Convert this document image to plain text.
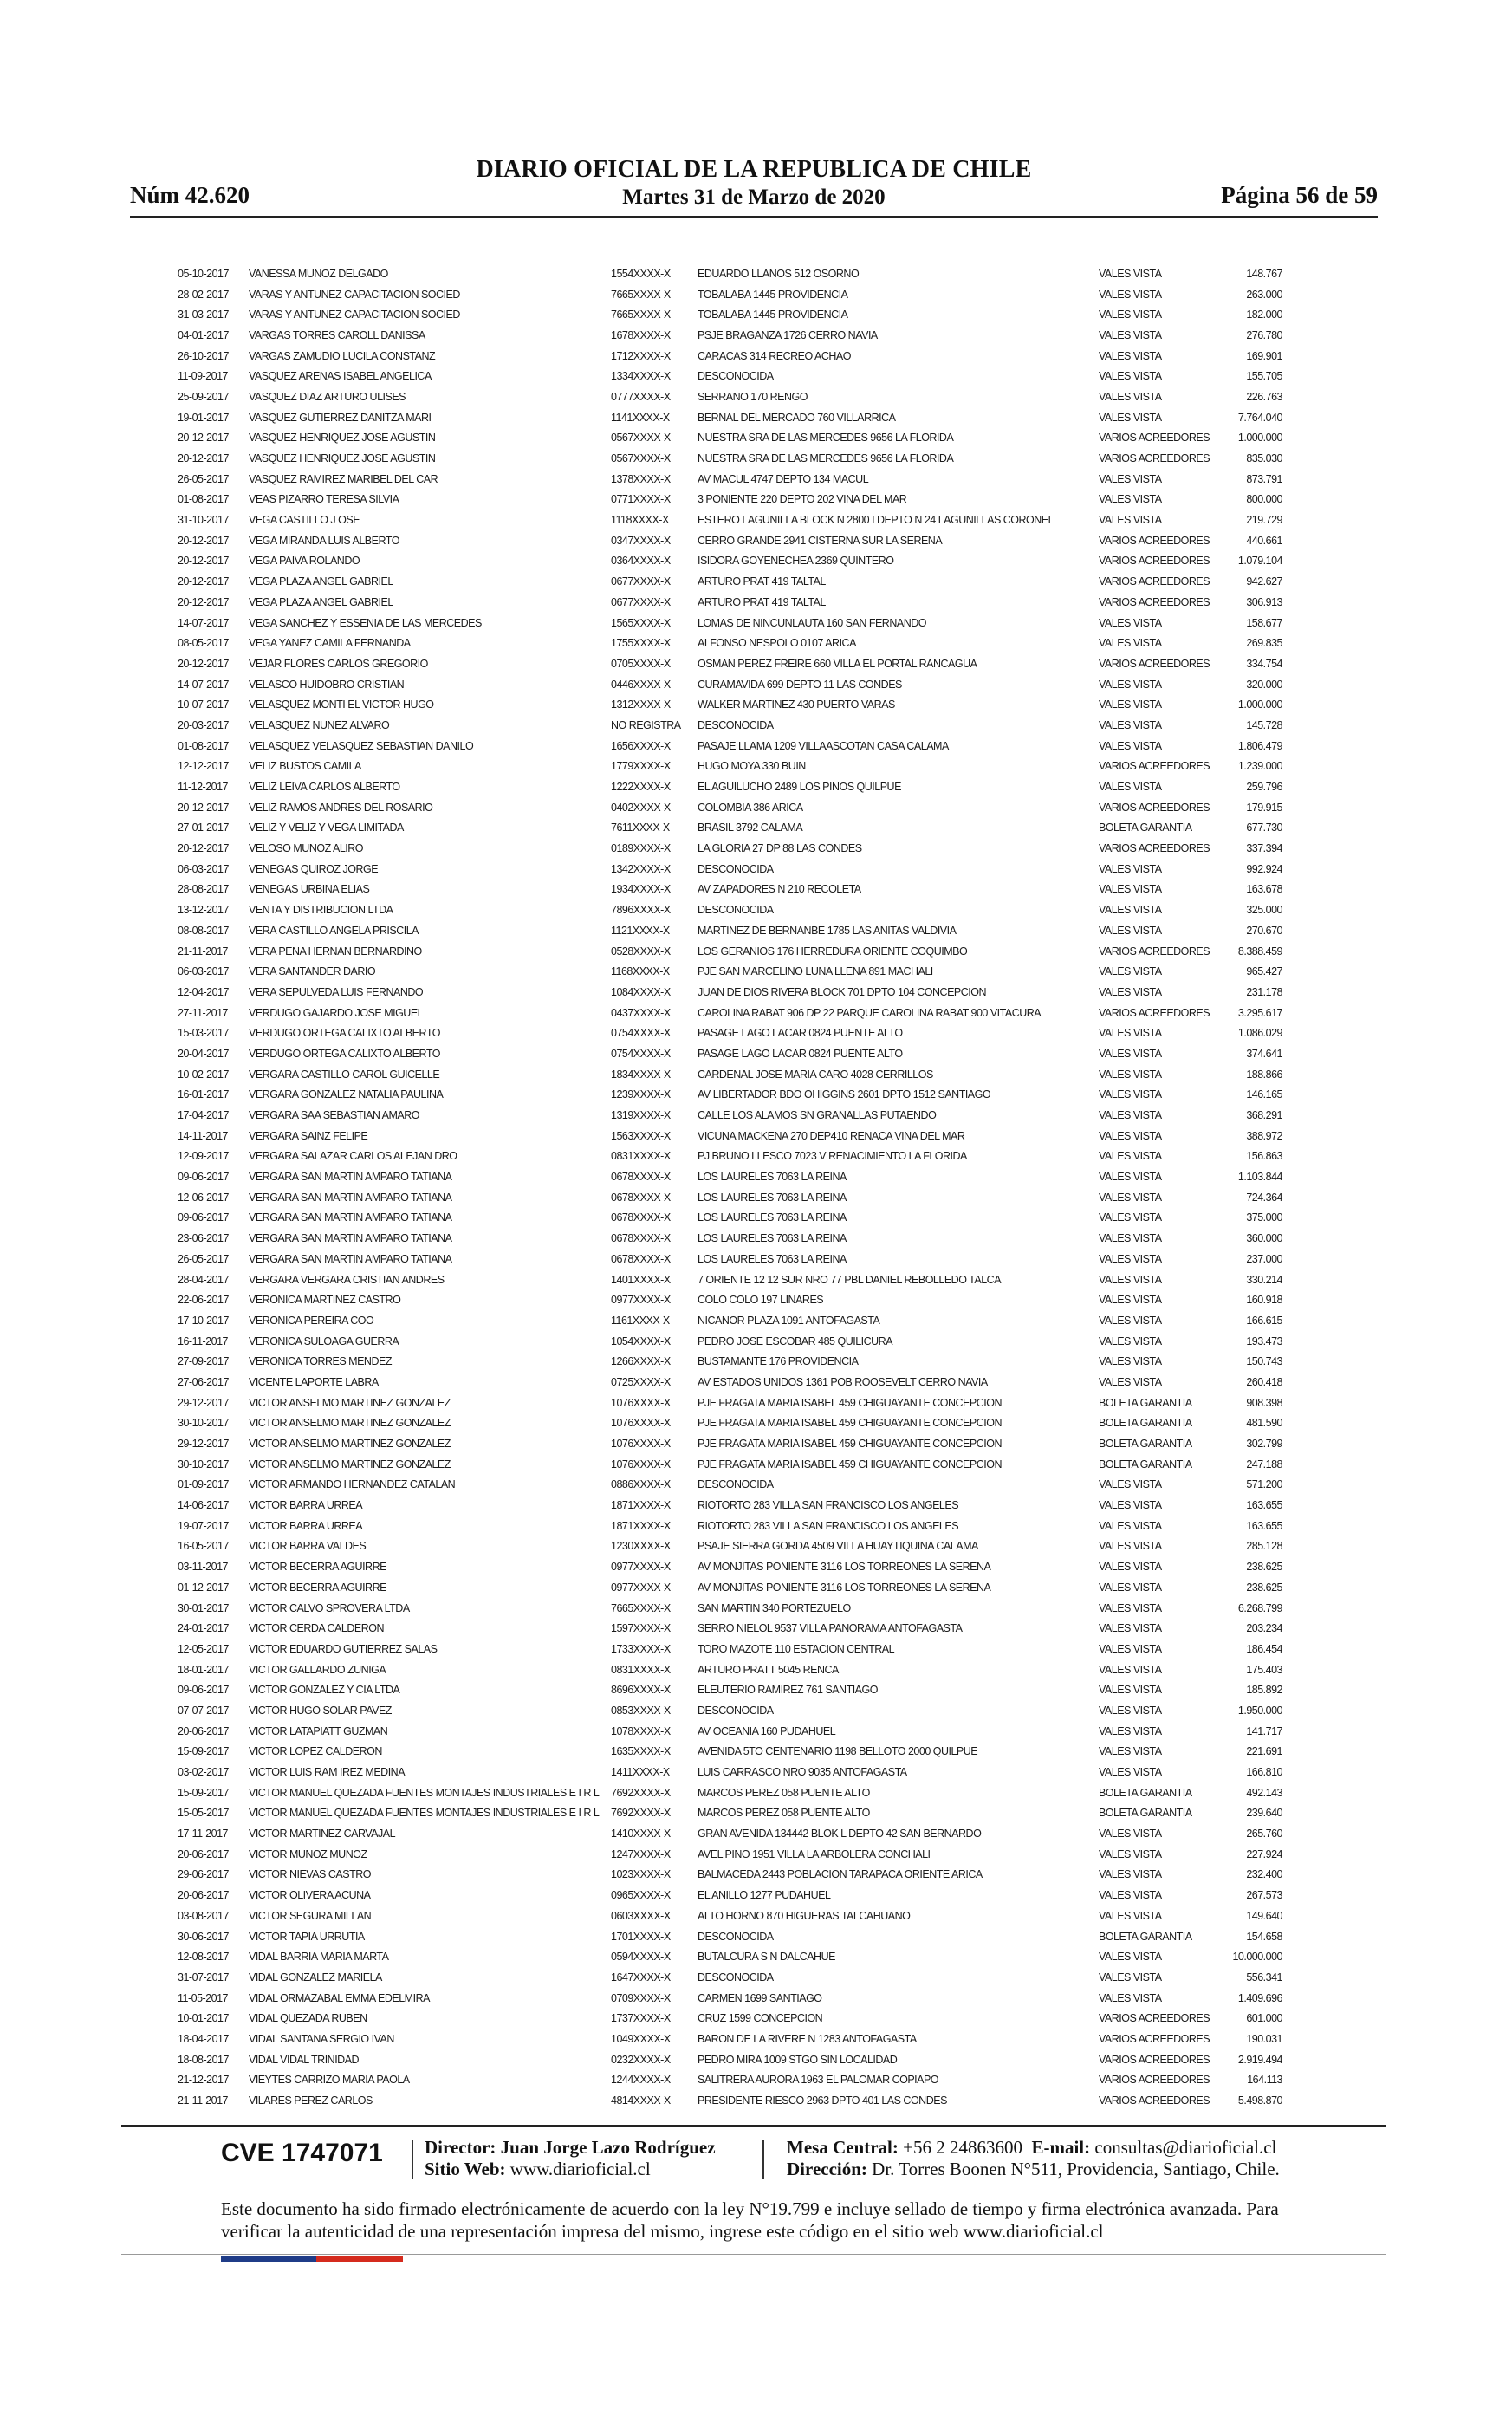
DIARIO OFICIAL DE LA REPUBLICA DE CHILE
Núm 42.620	Martes 31 de Marzo de 2020	Página 56 de 59
05-10-2017	VANESSA MUNOZ DELGADO	1554XXXX-X	EDUARDO LLANOS 512 OSORNO	VALES VISTA	148.767
28-02-2017	VARAS Y ANTUNEZ CAPACITACION SOCIED	7665XXXX-X	TOBALABA 1445 PROVIDENCIA	VALES VISTA	263.000
31-03-2017	VARAS Y ANTUNEZ CAPACITACION SOCIED	7665XXXX-X	TOBALABA 1445 PROVIDENCIA	VALES VISTA	182.000
04-01-2017	VARGAS TORRES CAROLL DANISSA	1678XXXX-X	PSJE BRAGANZA 1726 CERRO NAVIA	VALES VISTA	276.780
26-10-2017	VARGAS ZAMUDIO LUCILA CONSTANZ	1712XXXX-X	CARACAS 314 RECREO ACHAO	VALES VISTA	169.901
11-09-2017	VASQUEZ ARENAS ISABEL ANGELICA	1334XXXX-X	DESCONOCIDA	VALES VISTA	155.705
25-09-2017	VASQUEZ DIAZ ARTURO ULISES	0777XXXX-X	SERRANO 170 RENGO	VALES VISTA	226.763
19-01-2017	VASQUEZ GUTIERREZ DANITZA MARI	1141XXXX-X	BERNAL DEL MERCADO 760 VILLARRICA	VALES VISTA	7.764.040
20-12-2017	VASQUEZ HENRIQUEZ JOSE AGUSTIN	0567XXXX-X	NUESTRA SRA DE LAS MERCEDES 9656 LA FLORIDA	VARIOS ACREEDORES	1.000.000
20-12-2017	VASQUEZ HENRIQUEZ JOSE AGUSTIN	0567XXXX-X	NUESTRA SRA DE LAS MERCEDES 9656 LA FLORIDA	VARIOS ACREEDORES	835.030
26-05-2017	VASQUEZ RAMIREZ MARIBEL DEL CAR	1378XXXX-X	AV MACUL 4747 DEPTO 134 MACUL	VALES VISTA	873.791
01-08-2017	VEAS PIZARRO TERESA SILVIA	0771XXXX-X	3 PONIENTE 220 DEPTO 202 VINA DEL MAR	VALES VISTA	800.000
31-10-2017	VEGA CASTILLO J OSE	1118XXXX-X	ESTERO LAGUNILLA BLOCK N 2800 I DEPTO N 24 LAGUNILLAS CORONEL	VALES VISTA	219.729
20-12-2017	VEGA MIRANDA LUIS ALBERTO	0347XXXX-X	CERRO GRANDE 2941 CISTERNA SUR LA SERENA	VARIOS ACREEDORES	440.661
20-12-2017	VEGA PAIVA ROLANDO	0364XXXX-X	ISIDORA GOYENECHEA 2369 QUINTERO	VARIOS ACREEDORES	1.079.104
20-12-2017	VEGA PLAZA ANGEL GABRIEL	0677XXXX-X	ARTURO PRAT 419 TALTAL	VARIOS ACREEDORES	942.627
20-12-2017	VEGA PLAZA ANGEL GABRIEL	0677XXXX-X	ARTURO PRAT 419 TALTAL	VARIOS ACREEDORES	306.913
14-07-2017	VEGA SANCHEZ Y ESSENIA DE LAS MERCEDES	1565XXXX-X	LOMAS DE NINCUNLAUTA 160 SAN FERNANDO	VALES VISTA	158.677
08-05-2017	VEGA YANEZ CAMILA FERNANDA	1755XXXX-X	ALFONSO NESPOLO 0107 ARICA	VALES VISTA	269.835
20-12-2017	VEJAR FLORES CARLOS GREGORIO	0705XXXX-X	OSMAN PEREZ FREIRE 660 VILLA EL PORTAL RANCAGUA	VARIOS ACREEDORES	334.754
14-07-2017	VELASCO HUIDOBRO CRISTIAN	0446XXXX-X	CURAMAVIDA 699 DEPTO 11 LAS CONDES	VALES VISTA	320.000
10-07-2017	VELASQUEZ MONTI EL VICTOR HUGO	1312XXXX-X	WALKER MARTINEZ 430 PUERTO VARAS	VALES VISTA	1.000.000
20-03-2017	VELASQUEZ NUNEZ ALVARO	NO REGISTRA	DESCONOCIDA	VALES VISTA	145.728
01-08-2017	VELASQUEZ VELASQUEZ SEBASTIAN DANILO	1656XXXX-X	PASAJE LLAMA 1209 VILLAASCOTAN CASA CALAMA	VALES VISTA	1.806.479
12-12-2017	VELIZ BUSTOS CAMILA	1779XXXX-X	HUGO MOYA 330 BUIN	VARIOS ACREEDORES	1.239.000
11-12-2017	VELIZ LEIVA CARLOS ALBERTO	1222XXXX-X	EL AGUILUCHO 2489 LOS PINOS QUILPUE	VALES VISTA	259.796
20-12-2017	VELIZ RAMOS ANDRES DEL ROSARIO	0402XXXX-X	COLOMBIA 386 ARICA	VARIOS ACREEDORES	179.915
27-01-2017	VELIZ Y VELIZ Y VEGA LIMITADA	7611XXXX-X	BRASIL 3792 CALAMA	BOLETA GARANTIA	677.730
20-12-2017	VELOSO MUNOZ ALIRO	0189XXXX-X	LA GLORIA 27 DP 88 LAS CONDES	VARIOS ACREEDORES	337.394
06-03-2017	VENEGAS QUIROZ JORGE	1342XXXX-X	DESCONOCIDA	VALES VISTA	992.924
28-08-2017	VENEGAS URBINA ELIAS	1934XXXX-X	AV ZAPADORES N 210 RECOLETA	VALES VISTA	163.678
13-12-2017	VENTA Y DISTRIBUCION LTDA	7896XXXX-X	DESCONOCIDA	VALES VISTA	325.000
08-08-2017	VERA CASTILLO ANGELA PRISCILA	1121XXXX-X	MARTINEZ DE BERNANBE 1785 LAS ANITAS VALDIVIA	VALES VISTA	270.670
21-11-2017	VERA PENA HERNAN BERNARDINO	0528XXXX-X	LOS GERANIOS 176 HERREDURA ORIENTE COQUIMBO	VARIOS ACREEDORES	8.388.459
06-03-2017	VERA SANTANDER DARIO	1168XXXX-X	PJE SAN MARCELINO LUNA LLENA 891 MACHALI	VALES VISTA	965.427
12-04-2017	VERA SEPULVEDA LUIS FERNANDO	1084XXXX-X	JUAN DE DIOS RIVERA BLOCK 701 DPTO 104 CONCEPCION	VALES VISTA	231.178
27-11-2017	VERDUGO GAJARDO JOSE MIGUEL	0437XXXX-X	CAROLINA RABAT 906 DP 22 PARQUE CAROLINA RABAT 900 VITACURA	VARIOS ACREEDORES	3.295.617
15-03-2017	VERDUGO ORTEGA CALIXTO ALBERTO	0754XXXX-X	PASAGE LAGO LACAR 0824 PUENTE ALTO	VALES VISTA	1.086.029
20-04-2017	VERDUGO ORTEGA CALIXTO ALBERTO	0754XXXX-X	PASAGE LAGO LACAR 0824 PUENTE ALTO	VALES VISTA	374.641
10-02-2017	VERGARA CASTILLO CAROL GUICELLE	1834XXXX-X	CARDENAL JOSE MARIA CARO 4028 CERRILLOS	VALES VISTA	188.866
16-01-2017	VERGARA GONZALEZ NATALIA PAULINA	1239XXXX-X	AV LIBERTADOR BDO OHIGGINS 2601 DPTO 1512 SANTIAGO	VALES VISTA	146.165
17-04-2017	VERGARA SAA SEBASTIAN AMARO	1319XXXX-X	CALLE LOS ALAMOS SN GRANALLAS PUTAENDO	VALES VISTA	368.291
14-11-2017	VERGARA SAINZ FELIPE	1563XXXX-X	VICUNA MACKENA 270 DEP410 RENACA VINA DEL MAR	VALES VISTA	388.972
12-09-2017	VERGARA SALAZAR CARLOS ALEJAN DRO	0831XXXX-X	PJ BRUNO LLESCO 7023 V RENACIMIENTO LA FLORIDA	VALES VISTA	156.863
09-06-2017	VERGARA SAN MARTIN AMPARO TATIANA	0678XXXX-X	LOS LAURELES 7063 LA REINA	VALES VISTA	1.103.844
12-06-2017	VERGARA SAN MARTIN AMPARO TATIANA	0678XXXX-X	LOS LAURELES 7063 LA REINA	VALES VISTA	724.364
09-06-2017	VERGARA SAN MARTIN AMPARO TATIANA	0678XXXX-X	LOS LAURELES 7063 LA REINA	VALES VISTA	375.000
23-06-2017	VERGARA SAN MARTIN AMPARO TATIANA	0678XXXX-X	LOS LAURELES 7063 LA REINA	VALES VISTA	360.000
26-05-2017	VERGARA SAN MARTIN AMPARO TATIANA	0678XXXX-X	LOS LAURELES 7063 LA REINA	VALES VISTA	237.000
28-04-2017	VERGARA VERGARA CRISTIAN ANDRES	1401XXXX-X	7 ORIENTE 12 12 SUR NRO 77 PBL DANIEL REBOLLEDO TALCA	VALES VISTA	330.214
22-06-2017	VERONICA MARTINEZ CASTRO	0977XXXX-X	COLO COLO 197 LINARES	VALES VISTA	160.918
17-10-2017	VERONICA PEREIRA COO	1161XXXX-X	NICANOR PLAZA 1091 ANTOFAGASTA	VALES VISTA	166.615
16-11-2017	VERONICA SULOAGA GUERRA	1054XXXX-X	PEDRO JOSE ESCOBAR 485 QUILICURA	VALES VISTA	193.473
27-09-2017	VERONICA TORRES MENDEZ	1266XXXX-X	BUSTAMANTE 176 PROVIDENCIA	VALES VISTA	150.743
27-06-2017	VICENTE LAPORTE LABRA	0725XXXX-X	AV ESTADOS UNIDOS 1361 POB ROOSEVELT CERRO NAVIA	VALES VISTA	260.418
29-12-2017	VICTOR ANSELMO MARTINEZ GONZALEZ	1076XXXX-X	PJE FRAGATA MARIA ISABEL 459 CHIGUAYANTE CONCEPCION	BOLETA GARANTIA	908.398
30-10-2017	VICTOR ANSELMO MARTINEZ GONZALEZ	1076XXXX-X	PJE FRAGATA MARIA ISABEL 459 CHIGUAYANTE CONCEPCION	BOLETA GARANTIA	481.590
29-12-2017	VICTOR ANSELMO MARTINEZ GONZALEZ	1076XXXX-X	PJE FRAGATA MARIA ISABEL 459 CHIGUAYANTE CONCEPCION	BOLETA GARANTIA	302.799
30-10-2017	VICTOR ANSELMO MARTINEZ GONZALEZ	1076XXXX-X	PJE FRAGATA MARIA ISABEL 459 CHIGUAYANTE CONCEPCION	BOLETA GARANTIA	247.188
01-09-2017	VICTOR ARMANDO HERNANDEZ CATALAN	0886XXXX-X	DESCONOCIDA	VALES VISTA	571.200
14-06-2017	VICTOR BARRA URREA	1871XXXX-X	RIOTORTO 283 VILLA SAN FRANCISCO LOS ANGELES	VALES VISTA	163.655
19-07-2017	VICTOR BARRA URREA	1871XXXX-X	RIOTORTO 283 VILLA SAN FRANCISCO LOS ANGELES	VALES VISTA	163.655
16-05-2017	VICTOR BARRA VALDES	1230XXXX-X	PSAJE SIERRA GORDA 4509 VILLA HUAYTIQUINA CALAMA	VALES VISTA	285.128
03-11-2017	VICTOR BECERRA AGUIRRE	0977XXXX-X	AV MONJITAS PONIENTE 3116 LOS TORREONES LA SERENA	VALES VISTA	238.625
01-12-2017	VICTOR BECERRA AGUIRRE	0977XXXX-X	AV MONJITAS PONIENTE 3116 LOS TORREONES LA SERENA	VALES VISTA	238.625
30-01-2017	VICTOR CALVO SPROVERA LTDA	7665XXXX-X	SAN MARTIN 340 PORTEZUELO	VALES VISTA	6.268.799
24-01-2017	VICTOR CERDA CALDERON	1597XXXX-X	SERRO NIELOL 9537 VILLA PANORAMA ANTOFAGASTA	VALES VISTA	203.234
12-05-2017	VICTOR EDUARDO GUTIERREZ SALAS	1733XXXX-X	TORO MAZOTE 110 ESTACION CENTRAL	VALES VISTA	186.454
18-01-2017	VICTOR GALLARDO ZUNIGA	0831XXXX-X	ARTURO PRATT 5045 RENCA	VALES VISTA	175.403
09-06-2017	VICTOR GONZALEZ Y CIA LTDA	8696XXXX-X	ELEUTERIO RAMIREZ 761 SANTIAGO	VALES VISTA	185.892
07-07-2017	VICTOR HUGO SOLAR PAVEZ	0853XXXX-X	DESCONOCIDA	VALES VISTA	1.950.000
20-06-2017	VICTOR LATAPIATT GUZMAN	1078XXXX-X	AV OCEANIA 160 PUDAHUEL	VALES VISTA	141.717
15-09-2017	VICTOR LOPEZ CALDERON	1635XXXX-X	AVENIDA 5TO CENTENARIO 1198 BELLOTO 2000 QUILPUE	VALES VISTA	221.691
03-02-2017	VICTOR LUIS RAM IREZ MEDINA	1411XXXX-X	LUIS CARRASCO NRO 9035 ANTOFAGASTA	VALES VISTA	166.810
15-09-2017	VICTOR MANUEL QUEZADA FUENTES MONTAJES INDUSTRIALES E I R L	7692XXXX-X	MARCOS PEREZ 058 PUENTE ALTO	BOLETA GARANTIA	492.143
15-05-2017	VICTOR MANUEL QUEZADA FUENTES MONTAJES INDUSTRIALES E I R L	7692XXXX-X	MARCOS PEREZ 058 PUENTE ALTO	BOLETA GARANTIA	239.640
17-11-2017	VICTOR MARTINEZ CARVAJAL	1410XXXX-X	GRAN AVENIDA 134442 BLOK L DEPTO 42 SAN BERNARDO	VALES VISTA	265.760
20-06-2017	VICTOR MUNOZ MUNOZ	1247XXXX-X	AVEL PINO 1951 VILLA LA ARBOLERA CONCHALI	VALES VISTA	227.924
29-06-2017	VICTOR NIEVAS CASTRO	1023XXXX-X	BALMACEDA 2443 POBLACION TARAPACA ORIENTE ARICA	VALES VISTA	232.400
20-06-2017	VICTOR OLIVERA ACUNA	0965XXXX-X	EL ANILLO 1277 PUDAHUEL	VALES VISTA	267.573
03-08-2017	VICTOR SEGURA MILLAN	0603XXXX-X	ALTO HORNO 870 HIGUERAS TALCAHUANO	VALES VISTA	149.640
30-06-2017	VICTOR TAPIA URRUTIA	1701XXXX-X	DESCONOCIDA	BOLETA GARANTIA	154.658
12-08-2017	VIDAL BARRIA MARIA MARTA	0594XXXX-X	BUTALCURA S N DALCAHUE	VALES VISTA	10.000.000
31-07-2017	VIDAL GONZALEZ MARIELA	1647XXXX-X	DESCONOCIDA	VALES VISTA	556.341
11-05-2017	VIDAL ORMAZABAL EMMA EDELMIRA	0709XXXX-X	CARMEN 1699 SANTIAGO	VALES VISTA	1.409.696
10-01-2017	VIDAL QUEZADA RUBEN	1737XXXX-X	CRUZ 1599 CONCEPCION	VARIOS ACREEDORES	601.000
18-04-2017	VIDAL SANTANA SERGIO IVAN	1049XXXX-X	BARON DE LA RIVERE N 1283 ANTOFAGASTA	VARIOS ACREEDORES	190.031
18-08-2017	VIDAL VIDAL TRINIDAD	0232XXXX-X	PEDRO MIRA 1009 STGO SIN LOCALIDAD	VARIOS ACREEDORES	2.919.494
21-12-2017	VIEYTES CARRIZO MARIA PAOLA	1244XXXX-X	SALITRERA AURORA 1963 EL PALOMAR COPIAPO	VARIOS ACREEDORES	164.113
21-11-2017	VILARES PEREZ CARLOS	4814XXXX-X	PRESIDENTE RIESCO 2963 DPTO 401 LAS CONDES	VARIOS ACREEDORES	5.498.870
CVE 1747071 Director: Juan Jorge Lazo Rodríguez
Sitio Web: www.diarioficial.cl
Mesa Central: +56 2 24863600 E-mail: consultas@diarioficial.cl
Dirección: Dr. Torres Boonen N°511, Providencia, Santiago, Chile.
Este documento ha sido firmado electrónicamente de acuerdo con la ley N°19.799 e incluye sellado de tiempo y firma electrónica avanzada. Para verificar la autenticidad de una representación impresa del mismo, ingrese este código en el sitio web www.diarioficial.cl
